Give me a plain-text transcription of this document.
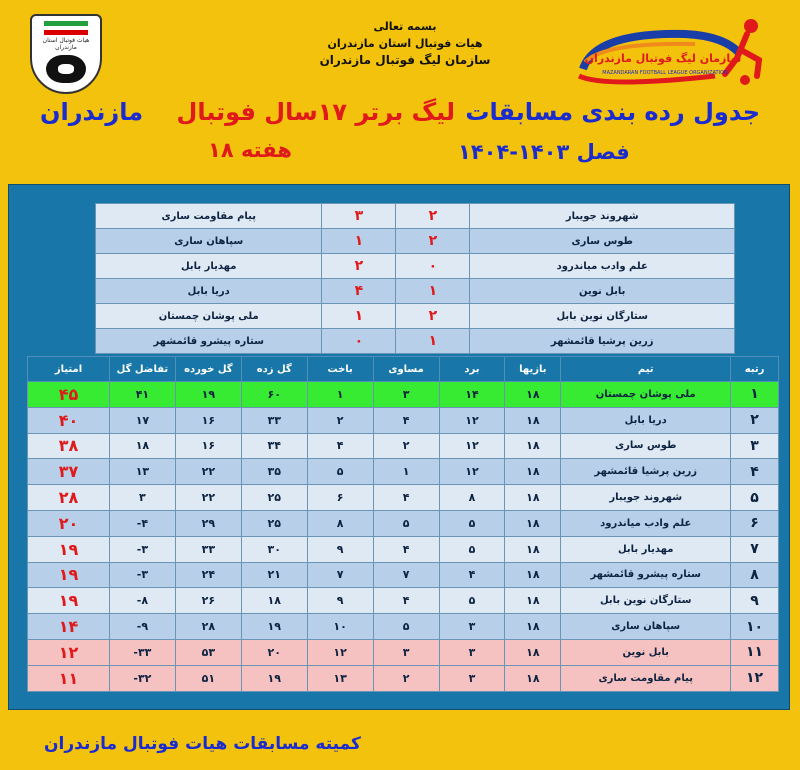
هیات فوتبال استان مازندران
بسمه تعالی
هیات فوتبال استان مازندران
سازمان لیگ فوتبال مازندران	سازمان لیگ فوتبال مازندران
MAZANDARAN FOOTBALL LEAGUE ORGANIZATION
جدول رده بندی مسابقات
لیگ برتر ۱۷سال فوتبال
مازندران
فصل ۱۴۰۳-۱۴۰۴
هفته ۱۸
پیام مقاومت ساری	۳	۲	شهروند جویبار
سپاهان ساری	۱	۲	طوس ساری
مهدیار بابل	۲	۰	علم وادب میاندرود
دریا بابل	۴	۱	بابل نوین
ملی پوشان چمستان	۱	۲	ستارگان نوین بابل
ستاره پیشرو قائمشهر	۰	۱	زرین پرشیا قائمشهر
رتبه	تیم	بازیها	برد	مساوی	باخت	گل زده	گل خورده	تفاضل گل	امتیاز
۱	ملی پوشان چمستان	۱۸	۱۴	۳	۱	۶۰	۱۹	۴۱	۴۵
۲	دریا بابل	۱۸	۱۲	۴	۲	۳۳	۱۶	۱۷	۴۰
۳	طوس ساری	۱۸	۱۲	۲	۴	۳۴	۱۶	۱۸	۳۸
۴	زرین پرشیا قائمشهر	۱۸	۱۲	۱	۵	۳۵	۲۲	۱۳	۳۷
۵	شهروند جویبار	۱۸	۸	۴	۶	۲۵	۲۲	۳	۲۸
۶	علم وادب میاندرود	۱۸	۵	۵	۸	۲۵	۲۹	-۴	۲۰
۷	مهدیار بابل	۱۸	۵	۴	۹	۳۰	۳۳	-۳	۱۹
۸	ستاره پیشرو قائمشهر	۱۸	۴	۷	۷	۲۱	۲۴	-۳	۱۹
۹	ستارگان نوین بابل	۱۸	۵	۴	۹	۱۸	۲۶	-۸	۱۹
۱۰	سپاهان ساری	۱۸	۳	۵	۱۰	۱۹	۲۸	-۹	۱۴
۱۱	بابل نوین	۱۸	۳	۳	۱۲	۲۰	۵۳	-۳۳	۱۲
۱۲	پیام مقاومت ساری	۱۸	۳	۲	۱۳	۱۹	۵۱	-۳۲	۱۱
کمیته مسابقات هیات فوتبال مازندران
